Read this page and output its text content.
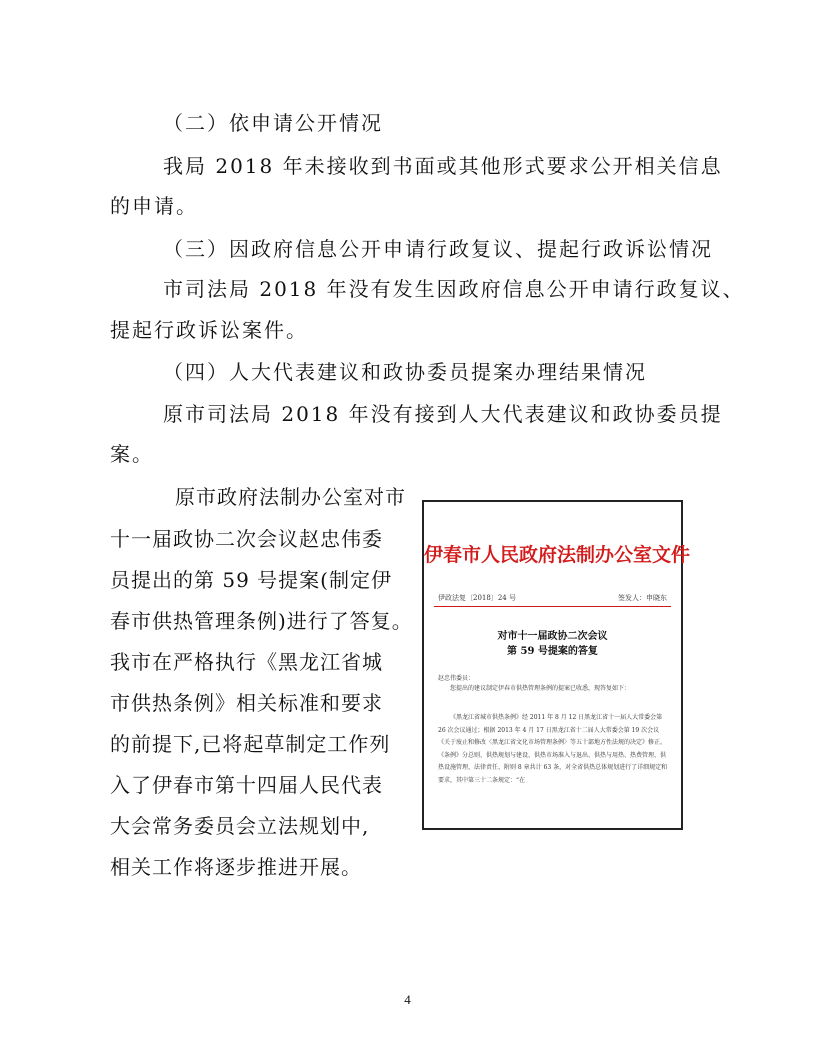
（二）依申请公开情况
我局 2018 年未接收到书面或其他形式要求公开相关信息
的申请。
（三）因政府信息公开申请行政复议、提起行政诉讼情况
市司法局 2018 年没有发生因政府信息公开申请行政复议、
提起行政诉讼案件。
（四）人大代表建议和政协委员提案办理结果情况
原市司法局 2018 年没有接到人大代表建议和政协委员提
案。
原市政府法制办公室对市
十一届政协二次会议赵忠伟委
员提出的第 59 号提案(制定伊
春市供热管理条例)进行了答复。
我市在严格执行《黑龙江省城
市供热条例》相关标准和要求
的前提下,已将起草制定工作列
入了伊春市第十四届人民代表
大会常务委员会立法规划中,
相关工作将逐步推进开展。
伊春市人民政府法制办公室文件
伊政法复〔2018〕24 号	签发人：申晓东
对市十一届政协二次会议
第 59 号提案的答复
赵忠伟委员：
您提出的建议制定伊春市供热管理条例的提案已收悉，现答复如下：
《黑龙江省城市供热条例》经 2011 年 8 月 12 日黑龙江省十一届人大常委会第 26 次会议通过；根据 2013 年 4 月 17 日黑龙江省十二届人大常委会第 19 次会议《关于废止和修改〈黑龙江省文化市场管理条例〉等五十部地方性法规的决定》修正。《条例》分总则、供热规划与建设、供热市场准入与退出、供热与用热、热费管理、供热设施管理、法律责任、附则 8 章共计 63 条，对全省供热总体规划进行了详细规定和要求，其中第三十二条规定：“在
4
